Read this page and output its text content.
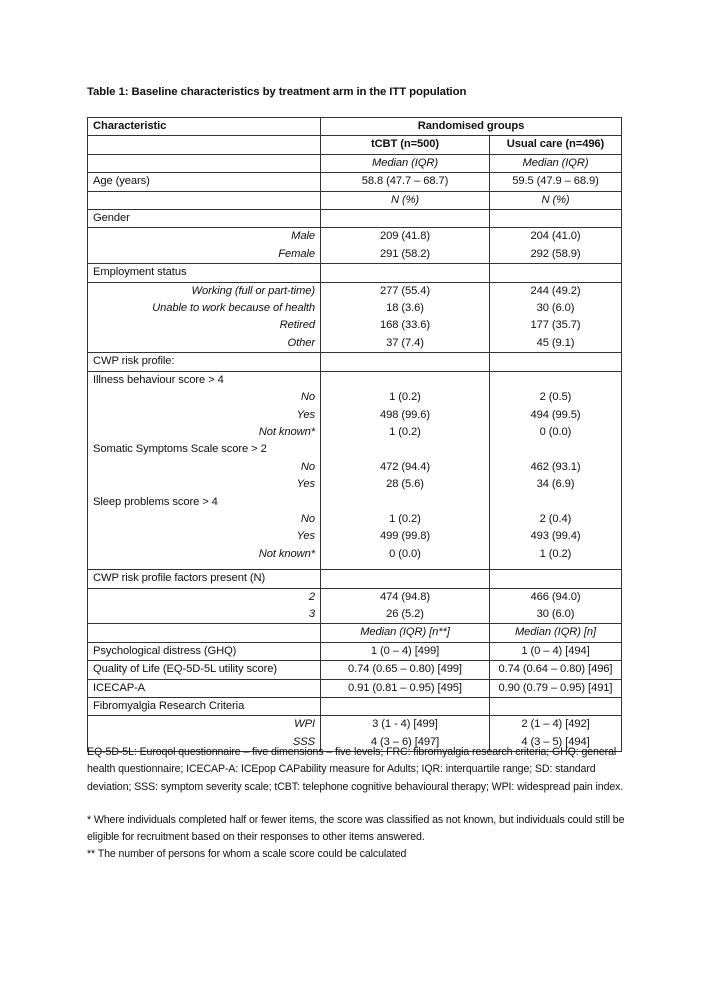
Table 1: Baseline characteristics by treatment arm in the ITT population
Characteristic	Randomised groups	
	tCBT (n=500)	Usual care (n=496)
	Median (IQR)	Median (IQR)
Age (years)	58.8 (47.7 – 68.7)	59.5 (47.9 – 68.9)
	N (%)	N (%)
Gender		
Male	209 (41.8)	204 (41.0)
Female	291 (58.2)	292 (58.9)
Employment status		
Working (full or part-time)	277 (55.4)	244 (49.2)
Unable to work because of health	18 (3.6)	30 (6.0)
Retired	168 (33.6)	177 (35.7)
Other	37 (7.4)	45 (9.1)
CWP risk profile:		
Illness behaviour score > 4		
No	1 (0.2)	2 (0.5)
Yes	498 (99.6)	494 (99.5)
Not known*	1 (0.2)	0 (0.0)
Somatic Symptoms Scale score > 2		
No	472 (94.4)	462 (93.1)
Yes	28 (5.6)	34 (6.9)
Sleep problems score > 4		
No	1 (0.2)	2 (0.4)
Yes	499 (99.8)	493 (99.4)
Not known*	0 (0.0)	1 (0.2)
CWP risk profile factors present (N)		
2	474 (94.8)	466 (94.0)
3	26 (5.2)	30 (6.0)
	Median (IQR) [n**]	Median (IQR) [n]
Psychological distress (GHQ)	1 (0 – 4) [499]	1 (0 – 4) [494]
Quality of Life (EQ-5D-5L utility score)	0.74 (0.65 – 0.80) [499]	0.74 (0.64 – 0.80) [496]
ICECAP-A	0.91 (0.81 – 0.95) [495]	0.90 (0.79 – 0.95) [491]
Fibromyalgia Research Criteria		
WPI	3 (1 - 4) [499]	2 (1 – 4) [492]
SSS	4 (3 – 6) [497]	4 (3 – 5) [494]

EQ-5D-5L: Euroqol questionnaire – five dimensions – five levels; FRC: fibromyalgia research criteria; GHQ: general health questionnaire; ICECAP-A: ICEpop CAPability measure for Adults; IQR: interquartile range; SD: standard deviation; SSS: symptom severity scale; tCBT: telephone cognitive behavioural therapy; WPI: widespread pain index.

* Where individuals completed half or fewer items, the score was classified as not known, but individuals could still be eligible for recruitment based on their responses to other items answered.

** The number of persons for whom a scale score could be calculated
